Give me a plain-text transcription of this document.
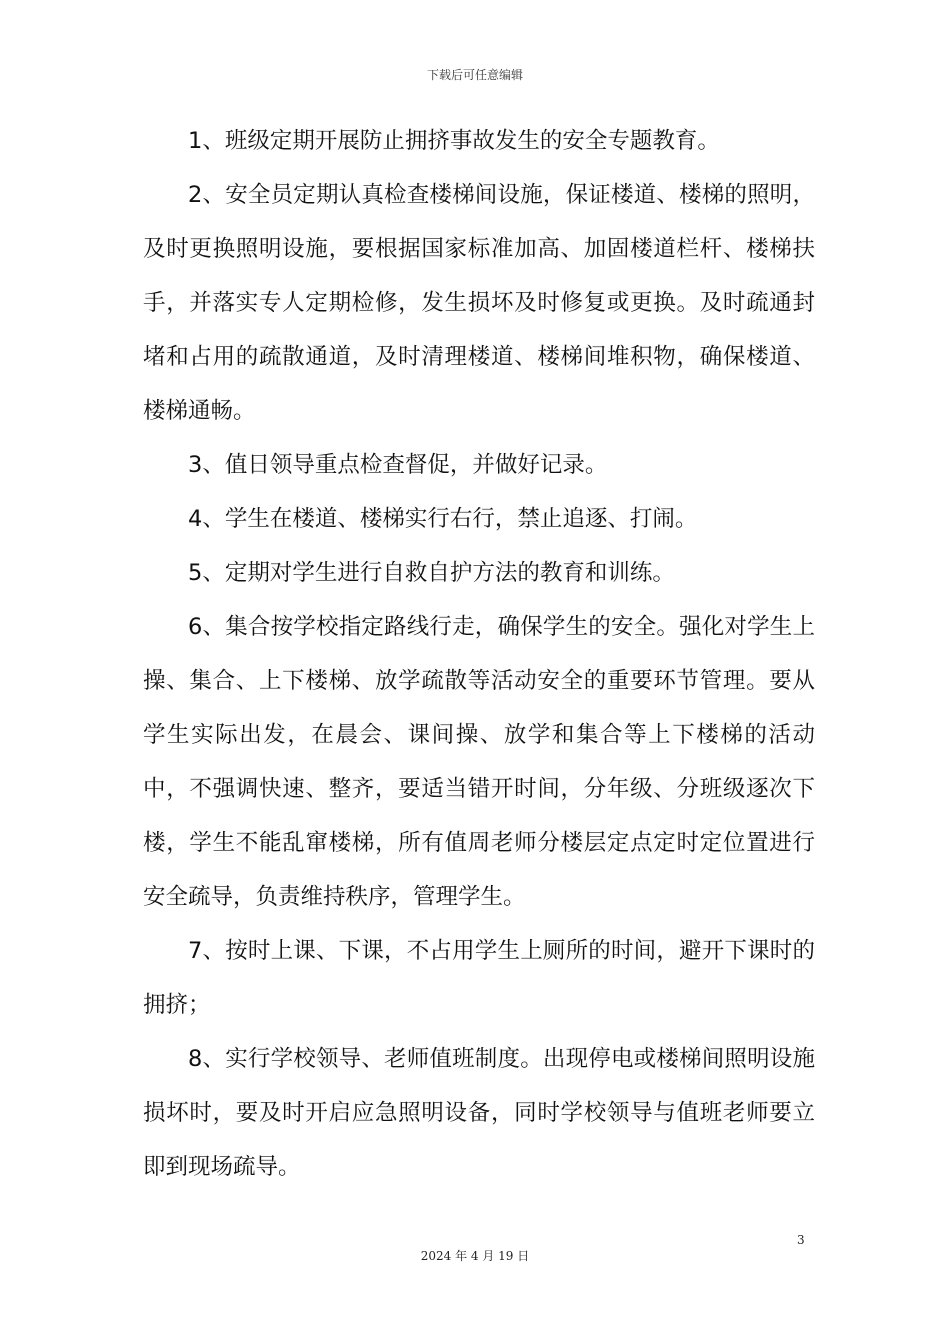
下载后可任意编辑

1、班级定期开展防止拥挤事故发生的安全专题教育。

2、安全员定期认真检查楼梯间设施，保证楼道、楼梯的照明，及时更换照明设施，要根据国家标准加高、加固楼道栏杆、楼梯扶手，并落实专人定期检修，发生损坏及时修复或更换。及时疏通封堵和占用的疏散通道，及时清理楼道、楼梯间堆积物，确保楼道、楼梯通畅。

3、值日领导重点检查督促，并做好记录。

4、学生在楼道、楼梯实行右行，禁止追逐、打闹。

5、定期对学生进行自救自护方法的教育和训练。

6、集合按学校指定路线行走，确保学生的安全。强化对学生上操、集合、上下楼梯、放学疏散等活动安全的重要环节管理。要从学生实际出发，在晨会、课间操、放学和集合等上下楼梯的活动中，不强调快速、整齐，要适当错开时间，分年级、分班级逐次下楼，学生不能乱窜楼梯，所有值周老师分楼层定点定时定位置进行安全疏导，负责维持秩序，管理学生。

7、按时上课、下课，不占用学生上厕所的时间，避开下课时的拥挤；

8、实行学校领导、老师值班制度。出现停电或楼梯间照明设施损坏时，要及时开启应急照明设备，同时学校领导与值班老师要立即到现场疏导。

3
2024 年 4 月 19 日
